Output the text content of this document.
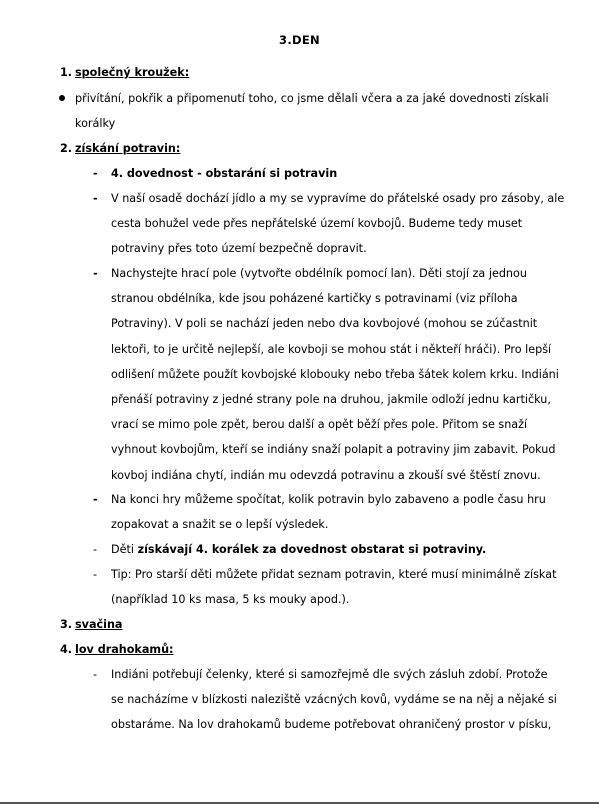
3.DEN
1. společný kroužek:
přivítání, pokřik a připomenutí toho, co jsme dělali včera a za jaké dovednosti získali
korálky
2. získání potravin:
- 4. dovednost - obstarání si potravin
- V naší osadě dochází jídlo a my se vypravíme do přátelské osady pro zásoby, ale
cesta bohužel vede přes nepřátelské území kovbojů. Budeme tedy muset
potraviny přes toto území bezpečně dopravit.
- Nachystejte hrací pole (vytvořte obdélník pomocí lan). Děti stojí za jednou
stranou obdélníka, kde jsou poházené kartičky s potravinami (viz příloha
Potraviny). V poli se nachází jeden nebo dva kovbojové (mohou se zúčastnit
lektoři, to je určitě nejlepší, ale kovboji se mohou stát i někteří hráči). Pro lepší
odlišení můžete použít kovbojské klobouky nebo třeba šátek kolem krku. Indiáni
přenáší potraviny z jedné strany pole na druhou, jakmile odloží jednu kartičku,
vrací se mimo pole zpět, berou další a opět běží přes pole. Přitom se snaží
vyhnout kovbojům, kteří se indiány snaží polapit a potraviny jim zabavit. Pokud
kovboj indiána chytí, indián mu odevzdá potravinu a zkouší své štěstí znovu.
- Na konci hry můžeme spočítat, kolik potravin bylo zabaveno a podle času hru
zopakovat a snažit se o lepší výsledek.
- Děti získávají 4. korálek za dovednost obstarat si potraviny.
- Tip: Pro starší děti můžete přidat seznam potravin, které musí minimálně získat
(například 10 ks masa, 5 ks mouky apod.).
3. svačina
4. lov drahokamů:
- Indiáni potřebují čelenky, které si samozřejmě dle svých zásluh zdobí. Protože
se nacházíme v blízkosti naleziště vzácných kovů, vydáme se na něj a nějaké si
obstaráme. Na lov drahokamů budeme potřebovat ohraničený prostor v písku,
